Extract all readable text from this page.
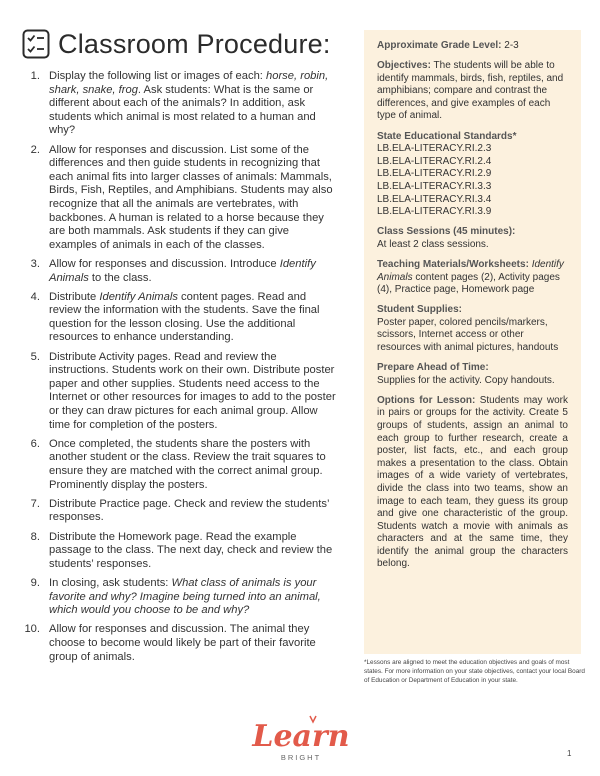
Classroom Procedure:
1. Display the following list or images of each: horse, robin, shark, snake, frog. Ask students: What is the same or different about each of the animals? In addition, ask students which animal is most related to a human and why?
2. Allow for responses and discussion. List some of the differences and then guide students in recognizing that each animal fits into larger classes of animals: Mammals, Birds, Fish, Reptiles, and Amphibians. Students may also recognize that all the animals are vertebrates, with backbones. A human is related to a horse because they are both mammals. Ask students if they can give examples of animals in each of the classes.
3. Allow for responses and discussion. Introduce Identify Animals to the class.
4. Distribute Identify Animals content pages. Read and review the information with the students. Save the final question for the lesson closing. Use the additional resources to enhance understanding.
5. Distribute Activity pages. Read and review the instructions. Students work on their own. Distribute poster paper and other supplies. Students need access to the Internet or other resources for images to add to the poster or they can draw pictures for each animal group. Allow time for completion of the posters.
6. Once completed, the students share the posters with another student or the class. Review the trait squares to ensure they are matched with the correct animal group. Prominently display the posters.
7. Distribute Practice page. Check and review the students’ responses.
8. Distribute the Homework page. Read the example passage to the class. The next day, check and review the students’ responses.
9. In closing, ask students: What class of animals is your favorite and why? Imagine being turned into an animal, which would you choose to be and why?
10. Allow for responses and discussion. The animal they choose to become would likely be part of their favorite group of animals.
Approximate Grade Level: 2-3
Objectives: The students will be able to identify mammals, birds, fish, reptiles, and amphibians; compare and contrast the differences, and give examples of each type of animal.
State Educational Standards*
LB.ELA-LITERACY.RI.2.3
LB.ELA-LITERACY.RI.2.4
LB.ELA-LITERACY.RI.2.9
LB.ELA-LITERACY.RI.3.3
LB.ELA-LITERACY.RI.3.4
LB.ELA-LITERACY.RI.3.9
Class Sessions (45 minutes):
At least 2 class sessions.
Teaching Materials/Worksheets: Identify Animals content pages (2), Activity pages (4), Practice page, Homework page
Student Supplies:
Poster paper, colored pencils/markers, scissors, Internet access or other resources with animal pictures, handouts
Prepare Ahead of Time:
Supplies for the activity. Copy handouts.
Options for Lesson: Students may work in pairs or groups for the activity. Create 5 groups of students, assign an animal to each group to further research, create a poster, list facts, etc., and each group makes a presentation to the class. Obtain images of a wide variety of vertebrates, divide the class into two teams, show an image to each team, they guess its group and give one characteristic of the group. Students watch a movie with animals as characters and at the same time, they identify the animal group the characters belong.
*Lessons are aligned to meet the education objectives and goals of most states. For more information on your state objectives, contact your local Board of Education or Department of Education in your state.
Learn
BRIGHT	1
